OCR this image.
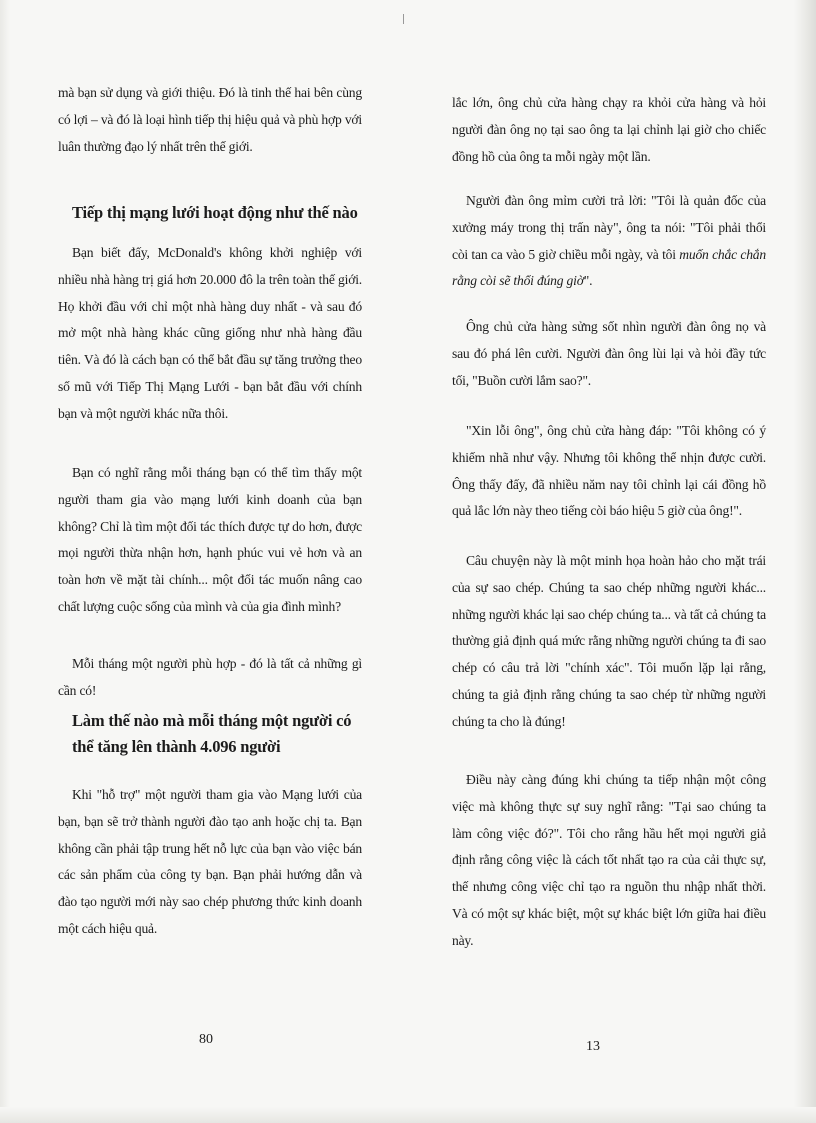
mà bạn sử dụng và giới thiệu. Đó là tinh thế hai bên cùng có lợi – và đó là loại hình tiếp thị hiệu quả và phù hợp với luân thường đạo lý nhất trên thế giới.

Tiếp thị mạng lưới hoạt động như thế nào

Bạn biết đấy, McDonald's không khởi nghiệp với nhiều nhà hàng trị giá hơn 20.000 đô la trên toàn thế giới. Họ khởi đầu với chỉ một nhà hàng duy nhất - và sau đó mở một nhà hàng khác cũng giống như nhà hàng đầu tiên. Và đó là cách bạn có thể bắt đầu sự tăng trưởng theo số mũ với Tiếp Thị Mạng Lưới - bạn bắt đầu với chính bạn và một người khác nữa thôi.

Bạn có nghĩ rằng mỗi tháng bạn có thể tìm thấy một người tham gia vào mạng lưới kinh doanh của bạn không? Chỉ là tìm một đối tác thích được tự do hơn, được mọi người thừa nhận hơn, hạnh phúc vui vẻ hơn và an toàn hơn về mặt tài chính... một đối tác muốn nâng cao chất lượng cuộc sống của mình và của gia đình mình?

Mỗi tháng một người phù hợp - đó là tất cả những gì cần có!

Làm thế nào mà mỗi tháng một người có thể tăng lên thành 4.096 người

Khi "hỗ trợ" một người tham gia vào Mạng lưới của bạn, bạn sẽ trở thành người đào tạo anh hoặc chị ta. Bạn không cần phải tập trung hết nỗ lực của bạn vào việc bán các sản phẩm của công ty bạn. Bạn phải hướng dẫn và đào tạo người mới này sao chép phương thức kinh doanh một cách hiệu quả.

80

lắc lớn, ông chủ cửa hàng chạy ra khỏi cửa hàng và hỏi người đàn ông nọ tại sao ông ta lại chỉnh lại giờ cho chiếc đồng hồ của ông ta mỗi ngày một lần.

Người đàn ông mỉm cười trả lời: "Tôi là quản đốc của xưởng máy trong thị trấn này", ông ta nói: "Tôi phải thổi còi tan ca vào 5 giờ chiều mỗi ngày, và tôi muốn chắc chắn rằng còi sẽ thổi đúng giờ".

Ông chủ cửa hàng sửng sốt nhìn người đàn ông nọ và sau đó phá lên cười. Người đàn ông lùi lại và hỏi đầy tức tối, "Buồn cười lắm sao?".

"Xin lỗi ông", ông chủ cửa hàng đáp: "Tôi không có ý khiếm nhã như vậy. Nhưng tôi không thể nhịn được cười. Ông thấy đấy, đã nhiều năm nay tôi chỉnh lại cái đồng hồ quả lắc lớn này theo tiếng còi báo hiệu 5 giờ của ông!".

Câu chuyện này là một minh họa hoàn hảo cho mặt trái của sự sao chép. Chúng ta sao chép những người khác... những người khác lại sao chép chúng ta... và tất cả chúng ta thường giả định quá mức rằng những người chúng ta đi sao chép có câu trả lời "chính xác". Tôi muốn lặp lại rằng, chúng ta giả định rằng chúng ta sao chép từ những người chúng ta cho là đúng!

Điều này càng đúng khi chúng ta tiếp nhận một công việc mà không thực sự suy nghĩ rằng: "Tại sao chúng ta làm công việc đó?". Tôi cho rằng hầu hết mọi người giả định rằng công việc là cách tốt nhất tạo ra của cải thực sự, thế nhưng công việc chỉ tạo ra nguồn thu nhập nhất thời. Và có một sự khác biệt, một sự khác biệt lớn giữa hai điều này.

13
